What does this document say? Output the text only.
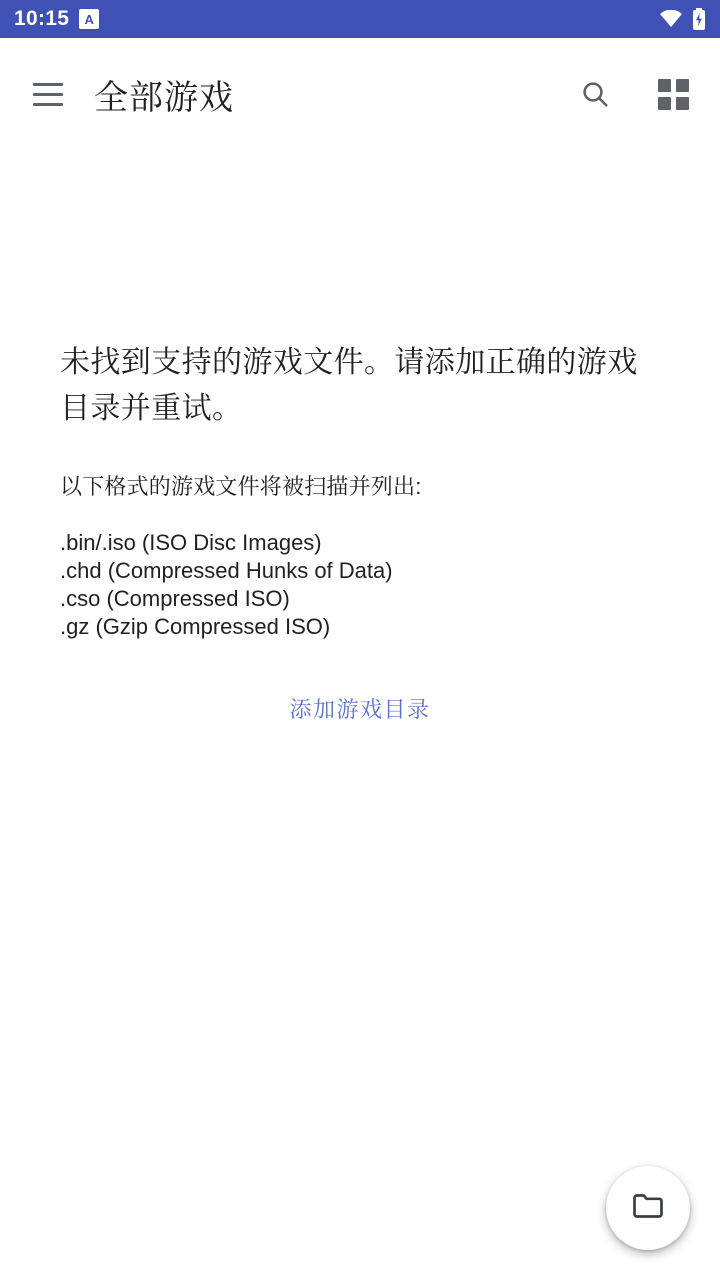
10:15	A
全部游戏
未找到支持的游戏文件。请添加正确的游戏目录并重试。
以下格式的游戏文件将被扫描并列出:
.bin/.iso (ISO Disc Images)
.chd (Compressed Hunks of Data)
.cso (Compressed ISO)
.gz (Gzip Compressed ISO)
添加游戏目录
